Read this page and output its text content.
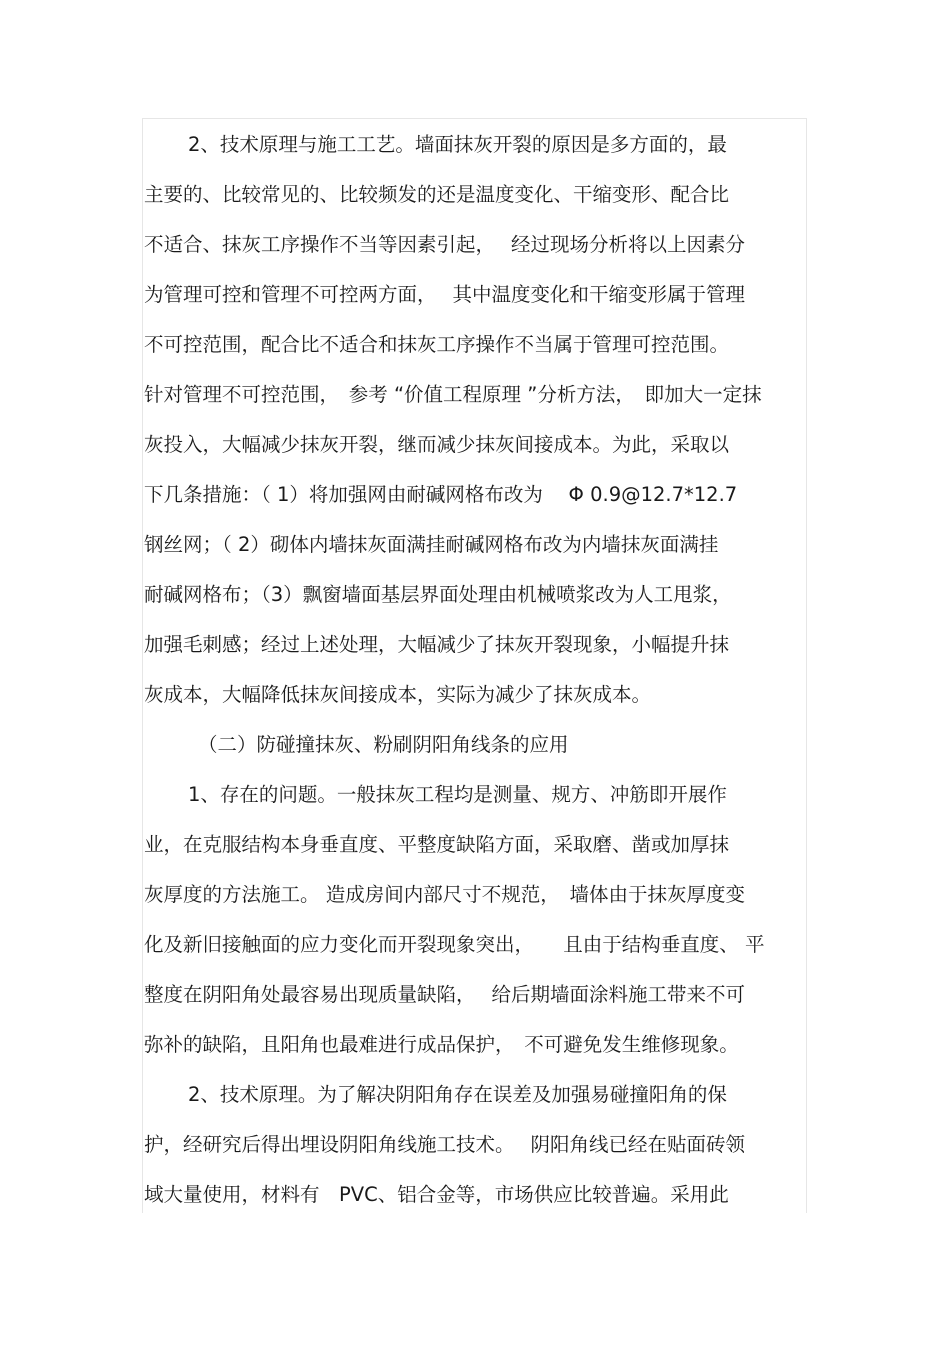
2、技术原理与施工工艺。墙面抹灰开裂的原因是多方面的，最
主要的、比较常见的、比较频发的还是温度变化、干缩变形、配合比
不适合、抹灰工序操作不当等因素引起，　 经过现场分析将以上因素分
为管理可控和管理不可控两方面，　 其中温度变化和干缩变形属于管理
不可控范围，配合比不适合和抹灰工序操作不当属于管理可控范围。
针对管理不可控范围，　参考 “价值工程原理 ”分析方法，　即加大一定抹
灰投入，大幅减少抹灰开裂，继而减少抹灰间接成本。为此，采取以
下几条措施：（ 1）将加强网由耐碱网格布改为　 Φ 0.9@12.7*12.7
钢丝网；（ 2）砌体内墙抹灰面满挂耐碱网格布改为内墙抹灰面满挂
耐碱网格布；（3）飘窗墙面基层界面处理由机械喷浆改为人工甩浆，
加强毛刺感；经过上述处理，大幅减少了抹灰开裂现象，小幅提升抹
灰成本，大幅降低抹灰间接成本，实际为减少了抹灰成本。
（二）防碰撞抹灰、粉刷阴阳角线条的应用
1、存在的问题。一般抹灰工程均是测量、规方、冲筋即开展作
业，在克服结构本身垂直度、平整度缺陷方面，采取磨、凿或加厚抹
灰厚度的方法施工。 造成房间内部尺寸不规范，　墙体由于抹灰厚度变
化及新旧接触面的应力变化而开裂现象突出，　　且由于结构垂直度、 平
整度在阴阳角处最容易出现质量缺陷，　 给后期墙面涂料施工带来不可
弥补的缺陷，且阳角也最难进行成品保护，　不可避免发生维修现象。
2、技术原理。为了解决阴阳角存在误差及加强易碰撞阳角的保
护，经研究后得出埋设阴阳角线施工技术。　 阴阳角线已经在贴面砖领
域大量使用，材料有　PVC、铝合金等，市场供应比较普遍。采用此
